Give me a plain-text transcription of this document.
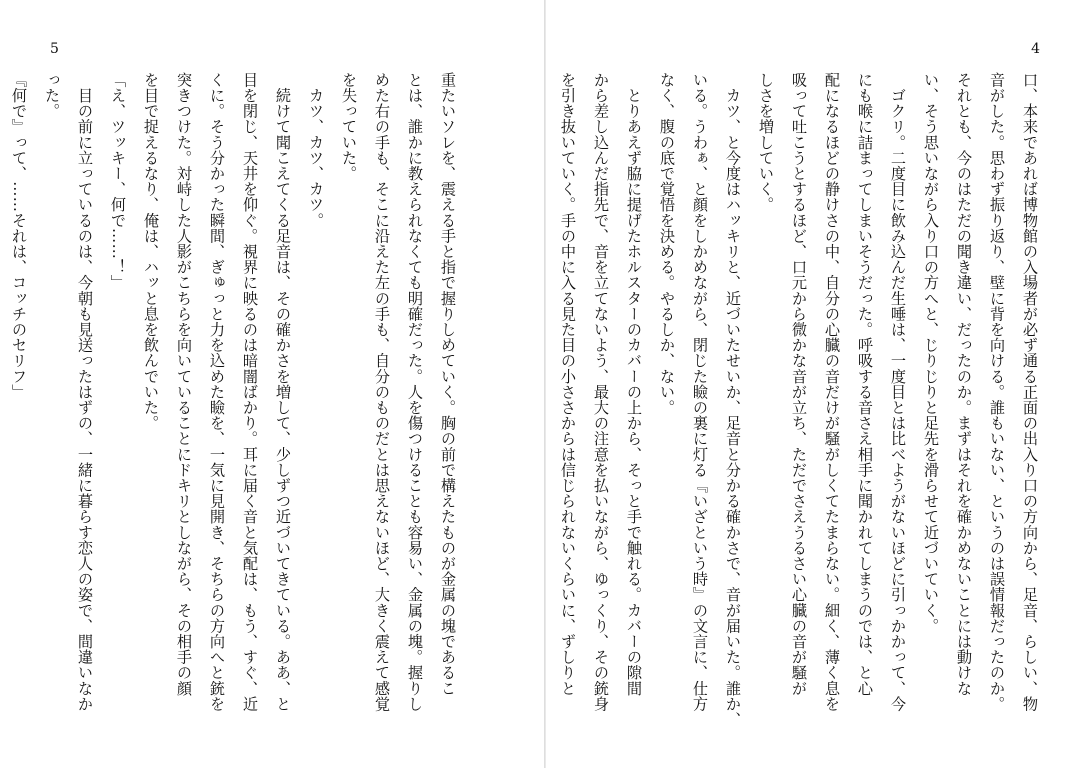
5
重たいソレを、震える手と指で握りしめていく。胸の前で構えたものが金属の塊であるこ
とは、誰かに教えられなくても明確だった。人を傷つけることも容易い、金属の塊。握りし
めた右の手も、そこに沿えた左の手も、自分のものだとは思えないほど、大きく震えて感覚
を失っていた。
　カツ、カツ、カツ。
　続けて聞こえてくる足音は、その確かさを増して、少しずつ近づいてきている。ああ、と
目を閉じ、天井を仰ぐ。視界に映るのは暗闇ばかり。耳に届く音と気配は、もう、すぐ、近
くに。そう分かった瞬間、ぎゅっと力を込めた瞼を、一気に見開き、そちらの方向へと銃を
突きつけた。対峙した人影がこちらを向いていることにドキリとしながら、その相手の顔
を目で捉えるなり、俺は、ハッと息を飲んでいた。
「え、ツッキー、何で……！」
　目の前に立っているのは、今朝も見送ったはずの、一緒に暮らす恋人の姿で、間違いなか
った。
『何で』って、……それは、コッチのセリフ」
4
口、本来であれば博物館の入場者が必ず通る正面の出入り口の方向から、足音、らしい、物
音がした。思わず振り返り、壁に背を向ける。誰もいない、というのは誤情報だったのか。
それとも、今のはただの聞き違い、だったのか。まずはそれを確かめないことには動けな
い、そう思いながら入り口の方へと、じりじりと足先を滑らせて近づいていく。
　ゴクリ。二度目に飲み込んだ生唾は、一度目とは比べようがないほどに引っかかって、今
にも喉に詰まってしまいそうだった。呼吸する音さえ相手に聞かれてしまうのでは、と心
配になるほどの静けさの中、自分の心臓の音だけが騒がしくてたまらない。細く、薄く息を
吸って吐こうとするほど、口元から微かな音が立ち、ただでさえうるさい心臓の音が騒が
しさを増していく。
　カツ、と今度はハッキリと、近づいたせいか、足音と分かる確かさで、音が届いた。誰か、
いる。うわぁ、と顔をしかめながら、閉じた瞼の裏に灯る『いざという時』の文言に、仕方
なく、腹の底で覚悟を決める。やるしか、ない。
　とりあえず脇に提げたホルスターのカバーの上から、そっと手で触れる。カバーの隙間
から差し込んだ指先で、音を立てないよう、最大の注意を払いながら、ゆっくり、その銃身
を引き抜いていく。手の中に入る見た目の小ささからは信じられないくらいに、ずしりと
